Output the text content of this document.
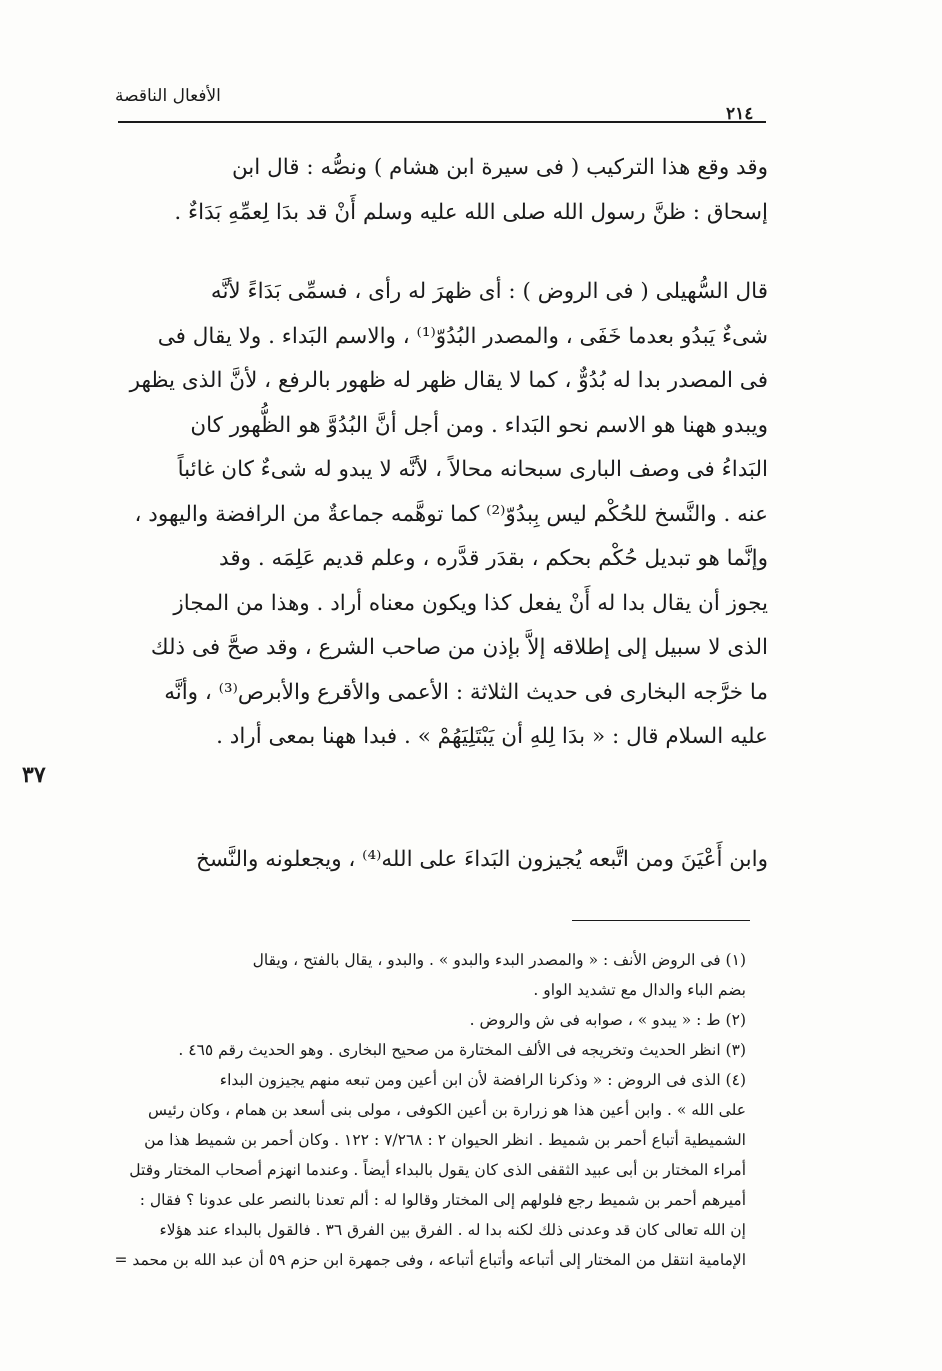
الأفعال الناقصة
٢١٤

وقد وقع هذا التركيب ( فى سيرة ابن هشام ) ونصُّه : قال ابن
إسحاق : ظنَّ رسول الله صلى الله عليه وسلم أَنْ قد بدَا لِعمِّهِ بَدَاءٌ .

قال السُّهيلى ( فى الروض ) : أى ظهرَ له رأى ، فسمِّى بَدَاءً لأنَّه
شىءٌ يَبدُو بعدما خَفَى ، والمصدر البُدُوّ⁽¹⁾ ، والاسم البَداء . ولا يقال فى
فى المصدر بدا له بُدُوٌّ ، كما لا يقال ظهر له ظهور بالرفع ، لأنَّ الذى يظهر
ويبدو ههنا هو الاسم نحو البَداء . ومن أجل أنَّ البُدُوَّ هو الظُّهور كان
البَداءُ فى وصف البارى سبحانه محالاً ، لأنَّه لا يبدو له شىءٌ كان غائباً
عنه . والنَّسخ للحُكْم ليس بِبدُوّ⁽²⁾ كما توهَّمه جماعةٌ من الرافضة واليهود ،
وإنَّما هو تبديل حُكْم بحكم ، بقدَر قدَّره ، وعلم قديم عَلِمَه . وقد
يجوز أن يقال بدا له أَنْ يفعل كذا ويكون معناه أراد . وهذا من المجاز
الذى لا سبيل إلى إطلاقه إلاَّ بإذن من صاحب الشرع ، وقد صحَّ فى ذلك
ما خرَّجه البخارى فى حديث الثلاثة : الأعمى والأقرع والأبرص⁽³⁾ ، وأنَّه
عليه السلام قال : « بدَا لِلهِ أن يَبْتَلِيَهُمْ » . فبدا ههنا بمعى أراد .

وابن أَعْيَنَ ومن اتَّبعه يُجيزون البَداءَ على الله⁽⁴⁾ ، ويجعلونه والنَّسخ

٣٧

(١) فى الروض الأنف : « والمصدر البدء والبدو » . والبدو ، يقال بالفتح ، ويقال
بضم الباء والدال مع تشديد الواو .

(٢) ط : « يبدو » ، صوابه فى ش والروض .

(٣) انظر الحديث وتخريجه فى الألف المختارة من صحيح البخارى . وهو الحديث رقم ٤٦٥ .

(٤) الذى فى الروض : « وذكرنا الرافضة لأن ابن أعين ومن تبعه منهم يجيزون البداء
على الله » . وابن أعين هذا هو زرارة بن أعين الكوفى ، مولى بنى أسعد بن همام ، وكان رئيس
الشميطية أتباع أحمر بن شميط . انظر الحيوان ٢ : ٧/٢٦٨ : ١٢٢ . وكان أحمر بن شميط هذا من
أمراء المختار بن أبى عبيد الثقفى الذى كان يقول بالبداء أيضاً . وعندما انهزم أصحاب المختار وقتل
أميرهم أحمر بن شميط رجع فلولهم إلى المختار وقالوا له : ألم تعدنا بالنصر على عدونا ؟ فقال :
إن الله تعالى كان قد وعدنى ذلك لكنه بدا له . الفرق بين الفرق ٣٦ . فالقول بالبداء عند هؤلاء
الإمامية انتقل من المختار إلى أتباعه وأتباع أتباعه ، وفى جمهرة ابن حزم ٥٩ أن عبد الله بن محمد =
